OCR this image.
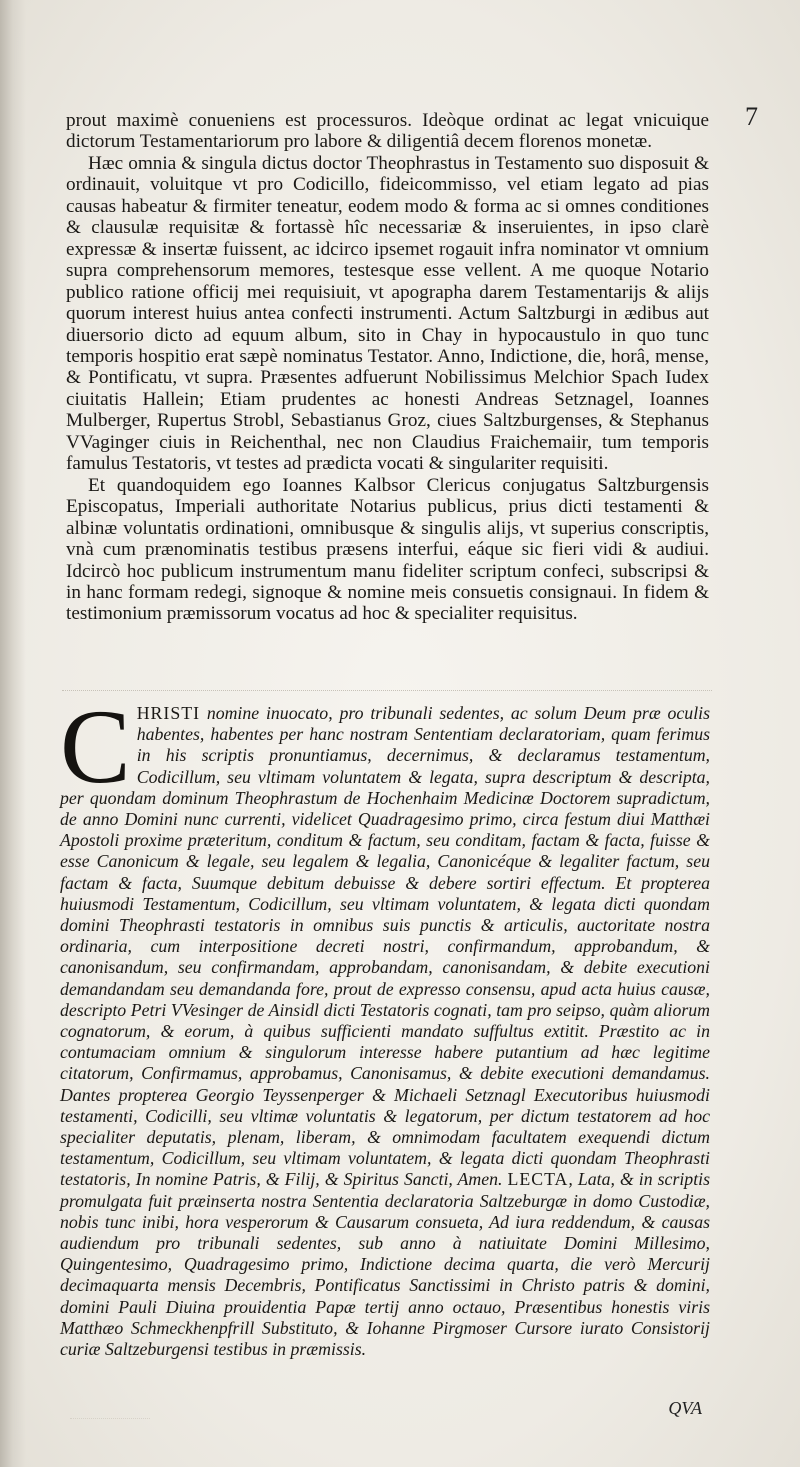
7

prout maximè conueniens est processuros. Ideòque ordinat ac legat vnicuique dictorum Testamentariorum pro labore & diligentiâ decem florenos monetæ.

Hæc omnia & singula dictus doctor Theophrastus in Testamento suo disposuit & ordinauit, voluitque vt pro Codicillo, fideicommisso, vel etiam legato ad pias causas habeatur & firmiter teneatur, eodem modo & forma ac si omnes conditiones & clausulæ requisitæ & fortassè hîc necessariæ & inseruientes, in ipso clarè expressæ & insertæ fuissent, ac idcirco ipsemet rogauit infra nominator vt omnium supra comprehensorum memores, testesque esse vellent. A me quoque Notario publico ratione officij mei requisiuit, vt apographa darem Testamentarijs & alijs quorum interest huius antea confecti instrumenti. Actum Saltzburgi in ædibus aut diuersorio dicto ad equum album, sito in Chay in hypocaustulo in quo tunc temporis hospitio erat sæpè nominatus Testator. Anno, Indictione, die, horâ, mense, & Pontificatu, vt supra. Præsentes adfuerunt Nobilissimus Melchior Spach Iudex ciuitatis Hallein; Etiam prudentes ac honesti Andreas Setznagel, Ioannes Mulberger, Rupertus Strobl, Sebastianus Groz, ciues Saltzburgenses, & Stephanus VVaginger ciuis in Reichenthal, nec non Claudius Fraichemaiir, tum temporis famulus Testatoris, vt testes ad prædicta vocati & singulariter requisiti.

Et quandoquidem ego Ioannes Kalbsor Clericus conjugatus Saltzburgensis Episcopatus, Imperiali authoritate Notarius publicus, prius dicti testamenti & albinæ voluntatis ordinationi, omnibusque & singulis alijs, vt superius conscriptis, vnà cum prænominatis testibus præsens interfui, eáque sic fieri vidi & audiui. Idcircò hoc publicum instrumentum manu fideliter scriptum confeci, subscripsi & in hanc formam redegi, signoque & nomine meis consuetis consignaui. In fidem & testimonium præmissorum vocatus ad hoc & specialiter requisitus.

CHRISTI nomine inuocato, pro tribunali sedentes, ac solum Deum præ oculis habentes, habentes per hanc nostram Sententiam declaratoriam, quam ferimus in his scriptis pronuntiamus, decernimus, & declaramus testamentum, Codicillum, seu vltimam voluntatem & legata, supra descriptum & descripta, per quondam dominum Theophrastum de Hochenhaim Medicinæ Doctorem supradictum, de anno Domini nunc currenti, videlicet Quadragesimo primo, circa festum diui Matthæi Apostoli proxime præteritum, conditum & factum, seu conditam, factam & facta, fuisse & esse Canonicum & legale, seu legalem & legalia, Canonicéque & legaliter factum, seu factam & facta, Suumque debitum debuisse & debere sortiri effectum. Et propterea huiusmodi Testamentum, Codicillum, seu vltimam voluntatem, & legata dicti quondam domini Theophrasti testatoris in omnibus suis punctis & articulis, auctoritate nostra ordinaria, cum interpositione decreti nostri, confirmandum, approbandum, & canonisandum, seu confirmandam, approbandam, canonisandam, & debite executioni demandandam seu demandanda fore, prout de expresso consensu, apud acta huius causæ, descripto Petri VVesinger de Ainsidl dicti Testatoris cognati, tam pro seipso, quàm aliorum cognatorum, & eorum, à quibus sufficienti mandato suffultus extitit. Præstito ac in contumaciam omnium & singulorum interesse habere putantium ad hæc legitime citatorum, Confirmamus, approbamus, Canonisamus, & debite executioni demandamus. Dantes propterea Georgio Teyssenperger & Michaeli Setznagl Executoribus huiusmodi testamenti, Codicilli, seu vltimæ voluntatis & legatorum, per dictum testatorem ad hoc specialiter deputatis, plenam, liberam, & omnimodam facultatem exequendi dictum testamentum, Codicillum, seu vltimam voluntatem, & legata dicti quondam Theophrasti testatoris, In nomine Patris, & Filij, & Spiritus Sancti, Amen. LECTA, Lata, & in scriptis promulgata fuit præinserta nostra Sententia declaratoria Saltzeburgæ in domo Custodiæ, nobis tunc inibi, hora vesperorum & Causarum consueta, Ad iura reddendum, & causas audiendum pro tribunali sedentes, sub anno à natiuitate Domini Millesimo, Quingentesimo, Quadragesimo primo, Indictione decima quarta, die verò Mercurij decimaquarta mensis Decembris, Pontificatus Sanctissimi in Christo patris & domini, domini Pauli Diuina prouidentia Papæ tertij anno octauo, Præsentibus honestis viris Matthæo Schmeckhenpfrill Substituto, & Iohanne Pirgmoser Cursore iurato Consistorij curiæ Saltzeburgensi testibus in præmissis.

QVA
